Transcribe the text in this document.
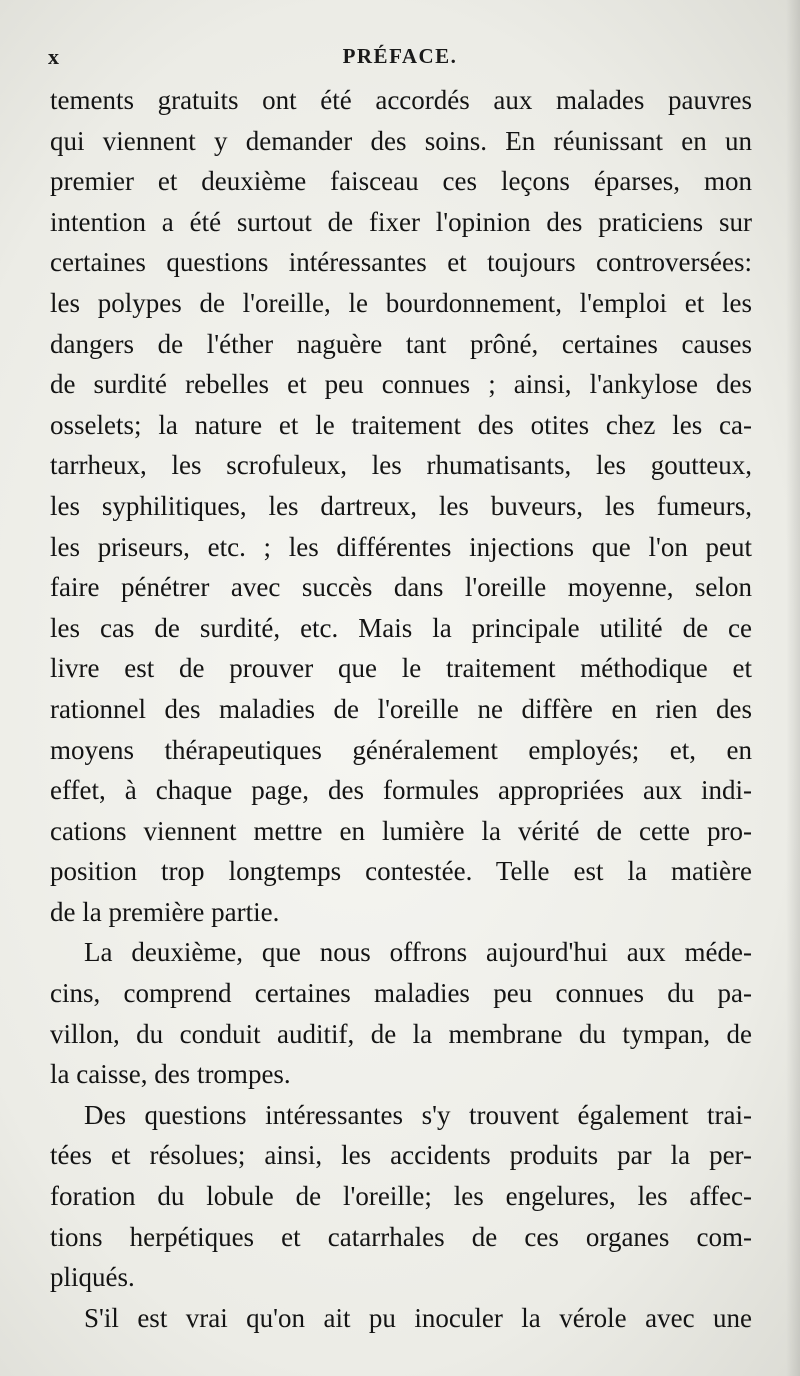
x	PRÉFACE.
tements gratuits ont été accordés aux malades pauvres
qui viennent y demander des soins. En réunissant en un
premier et deuxième faisceau ces leçons éparses, mon
intention a été surtout de fixer l'opinion des praticiens sur
certaines questions intéressantes et toujours controversées:
les polypes de l'oreille, le bourdonnement, l'emploi et les
dangers de l'éther naguère tant prôné, certaines causes
de surdité rebelles et peu connues ; ainsi, l'ankylose des
osselets; la nature et le traitement des otites chez les ca-
tarrheux, les scrofuleux, les rhumatisants, les goutteux,
les syphilitiques, les dartreux, les buveurs, les fumeurs,
les priseurs, etc. ; les différentes injections que l'on peut
faire pénétrer avec succès dans l'oreille moyenne, selon
les cas de surdité, etc. Mais la principale utilité de ce
livre est de prouver que le traitement méthodique et
rationnel des maladies de l'oreille ne diffère en rien des
moyens thérapeutiques généralement employés; et, en
effet, à chaque page, des formules appropriées aux indi-
cations viennent mettre en lumière la vérité de cette pro-
position trop longtemps contestée. Telle est la matière
de la première partie.
La deuxième, que nous offrons aujourd'hui aux méde-
cins, comprend certaines maladies peu connues du pa-
villon, du conduit auditif, de la membrane du tympan, de
la caisse, des trompes.
Des questions intéressantes s'y trouvent également trai-
tées et résolues; ainsi, les accidents produits par la per-
foration du lobule de l'oreille; les engelures, les affec-
tions herpétiques et catarrhales de ces organes com-
pliqués.
S'il est vrai qu'on ait pu inoculer la vérole avec une
